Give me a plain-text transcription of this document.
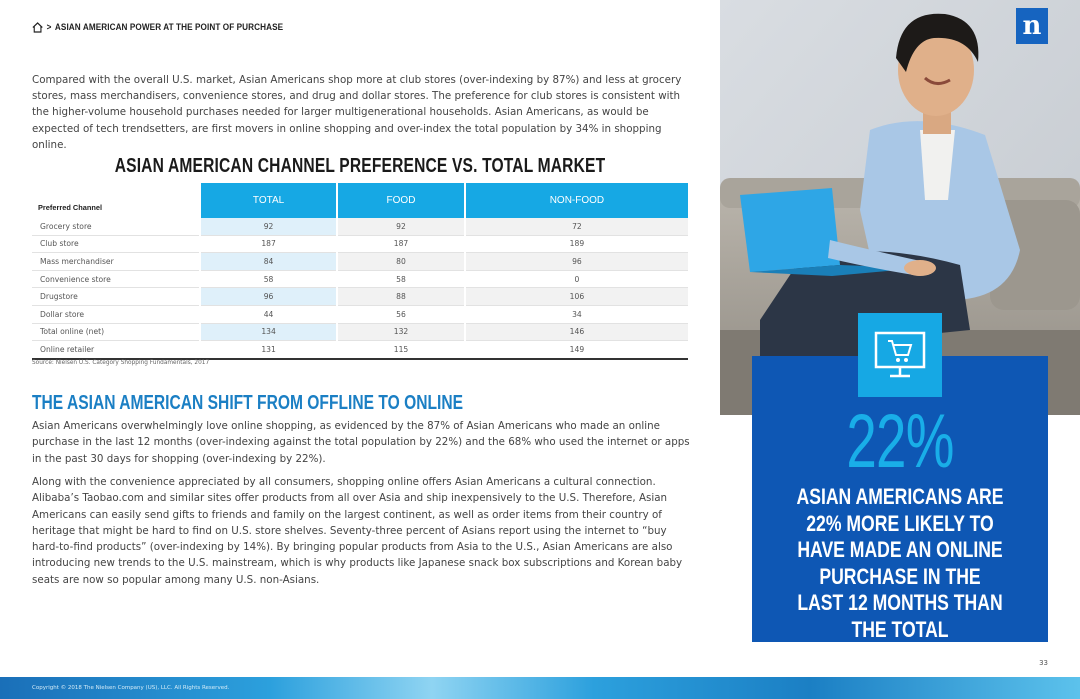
> ASIAN AMERICAN POWER AT THE POINT OF PURCHASE

Compared with the overall U.S. market, Asian Americans shop more at club stores (over-indexing by 87%) and less at grocery stores, mass merchandisers, convenience stores, and drug and dollar stores. The preference for club stores is consistent with the higher-volume household purchases needed for larger multigenerational households. Asian Americans, as would be expected of tech trendsetters, are first movers in online shopping and over-index the total population by 34% in shopping online.

ASIAN AMERICAN CHANNEL PREFERENCE VS. TOTAL MARKET
Preferred Channel	TOTAL	FOOD	NON-FOOD
Grocery store	92	92	72
Club store	187	187	189
Mass merchandiser	84	80	96
Convenience store	58	58	0
Drugstore	96	88	106
Dollar store	44	56	34
Total online (net)	134	132	146
Online retailer	131	115	149
Source: Nielsen U.S. Category Shopping Fundamentals, 2017
THE ASIAN AMERICAN SHIFT FROM OFFLINE TO ONLINE

Asian Americans overwhelmingly love online shopping, as evidenced by the 87% of Asian Americans who made an online purchase in the last 12 months (over-indexing against the total population by 22%) and the 68% who used the internet or apps in the past 30 days for shopping (over-indexing by 22%).

Along with the convenience appreciated by all consumers, shopping online offers Asian Americans a cultural connection. Alibaba’s Taobao.com and similar sites offer products from all over Asia and ship inexpensively to the U.S. Therefore, Asian Americans can easily send gifts to friends and family on the largest continent, as well as order items from their country of heritage that might be hard to find on U.S. store shelves. Seventy-three percent of Asians report using the internet to “buy hard-to-find products” (over-indexing by 14%). By bringing popular products from Asia to the U.S., Asian Americans are also introducing new trends to the U.S. mainstream, which is why products like Japanese snack box subscriptions and Korean baby seats are now so popular among many U.S. non-Asians.

n
22%
ASIAN AMERICANS ARE 22% MORE LIKELY TO HAVE MADE AN ONLINE PURCHASE IN THE LAST 12 MONTHS THAN THE TOTAL POPULATION.	33
Copyright © 2018 The Nielsen Company (US), LLC. All Rights Reserved.
